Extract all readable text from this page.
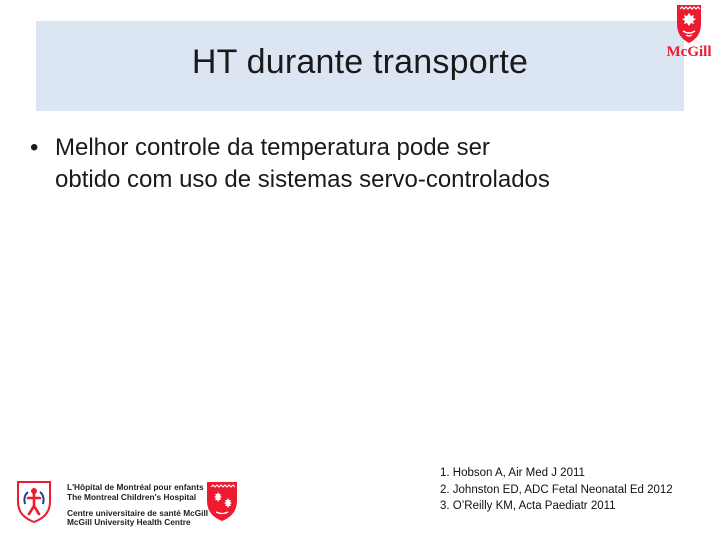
HT durante transporte	McGill
• Melhor controle da temperatura pode ser
obtido com uso de sistemas servo-controlados
L'Hôpital de Montréal pour enfants
The Montreal Children's Hospital
Centre universitaire de santé McGill
McGill University Health Centre
1. Hobson A, Air Med J 2011
2. Johnston ED, ADC Fetal Neonatal Ed 2012
3. O’Reilly KM, Acta Paediatr 2011
